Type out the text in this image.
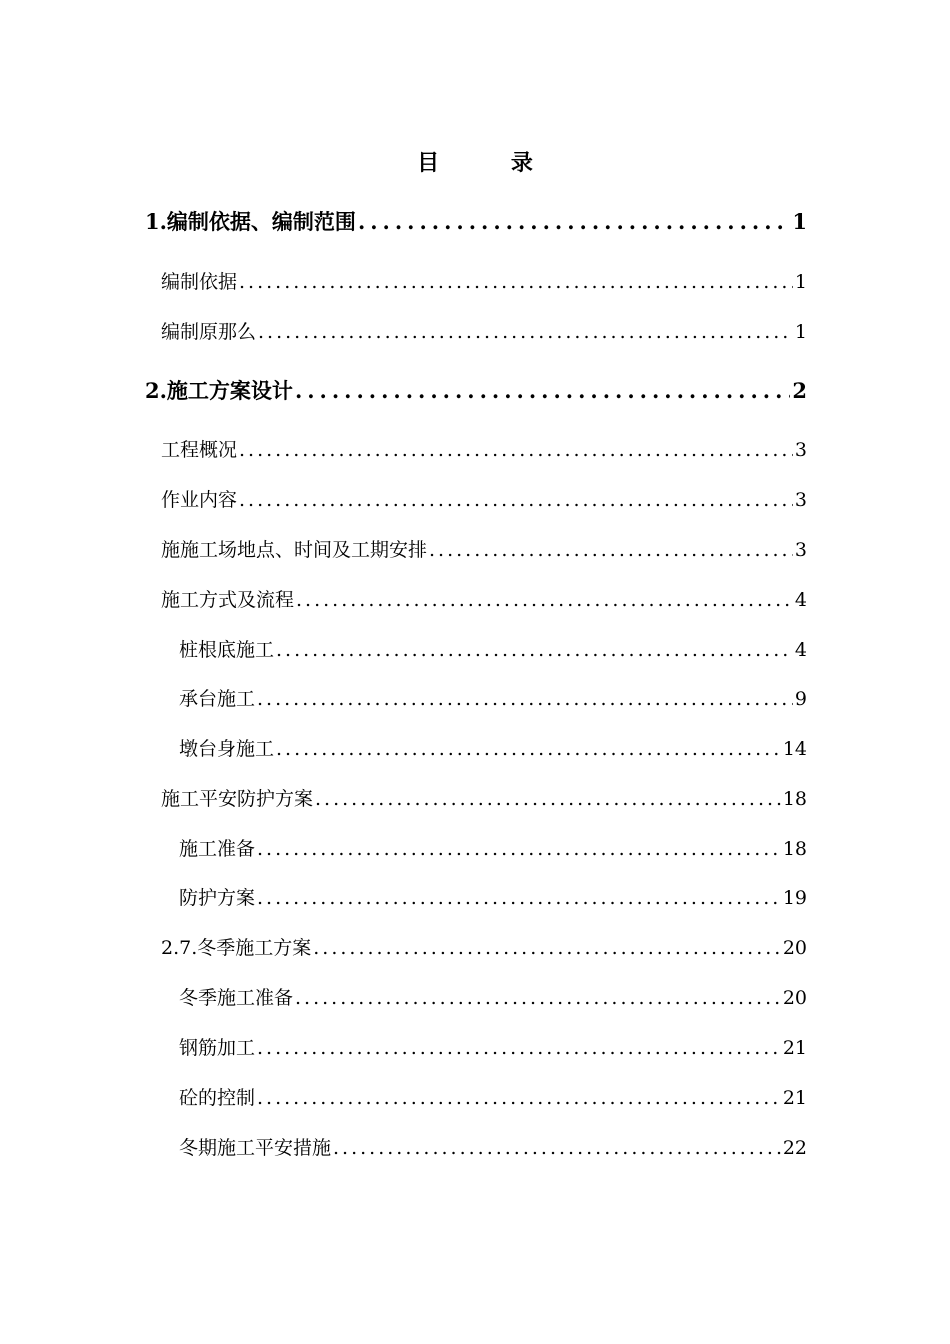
目 录
1.编制依据、编制范围 .....	1
编制依据 .....	1
编制原那么 .....	1
2.施工方案设计 .....	2
工程概况 .....	3
作业内容 .....	3
施施工场地点、时间及工期安排 .....	3
施工方式及流程 .....	4
桩根底施工 .....	4
承台施工 .....	9
墩台身施工 .....	14
施工平安防护方案 .....	18
施工准备 .....	18
防护方案 .....	19
2.7.冬季施工方案 .....	20
冬季施工准备 .....	20
钢筋加工 .....	21
砼的控制 .....	21
冬期施工平安措施 .....	22
